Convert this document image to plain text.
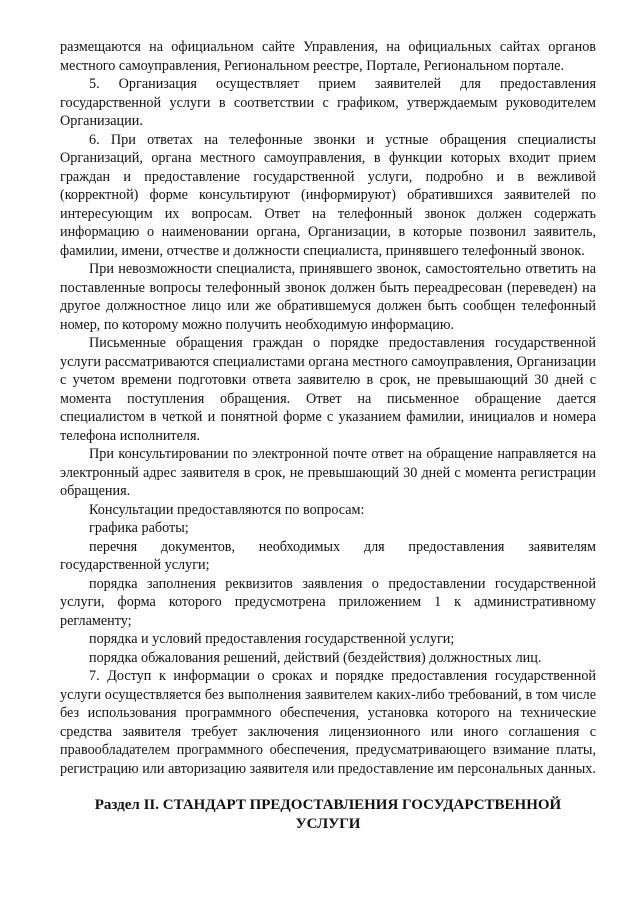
размещаются на официальном сайте Управления, на официальных сайтах органов местного самоуправления, Региональном реестре, Портале, Региональном портале.

5. Организация осуществляет прием заявителей для предоставления государственной услуги в соответствии с графиком, утверждаемым руководителем Организации.

6. При ответах на телефонные звонки и устные обращения специалисты Организаций, органа местного самоуправления, в функции которых входит прием граждан и предоставление государственной услуги, подробно и в вежливой (корректной) форме консультируют (информируют) обратившихся заявителей по интересующим их вопросам. Ответ на телефонный звонок должен содержать информацию о наименовании органа, Организации, в которые позвонил заявитель, фамилии, имени, отчестве и должности специалиста, принявшего телефонный звонок.

При невозможности специалиста, принявшего звонок, самостоятельно ответить на поставленные вопросы телефонный звонок должен быть переадресован (переведен) на другое должностное лицо или же обратившемуся должен быть сообщен телефонный номер, по которому можно получить необходимую информацию.

Письменные обращения граждан о порядке предоставления государственной услуги рассматриваются специалистами органа местного самоуправления, Организации с учетом времени подготовки ответа заявителю в срок, не превышающий 30 дней с момента поступления обращения. Ответ на письменное обращение дается специалистом в четкой и понятной форме с указанием фамилии, инициалов и номера телефона исполнителя.

При консультировании по электронной почте ответ на обращение направляется на электронный адрес заявителя в срок, не превышающий 30 дней с момента регистрации обращения.

Консультации предоставляются по вопросам:

графика работы;

перечня документов, необходимых для предоставления заявителям государственной услуги;

порядка заполнения реквизитов заявления о предоставлении государственной услуги, форма которого предусмотрена приложением 1 к административному регламенту;

порядка и условий предоставления государственной услуги;

порядка обжалования решений, действий (бездействия) должностных лиц.

7. Доступ к информации о сроках и порядке предоставления государственной услуги осуществляется без выполнения заявителем каких-либо требований, в том числе без использования программного обеспечения, установка которого на технические средства заявителя требует заключения лицензионного или иного соглашения с правообладателем программного обеспечения, предусматривающего взимание платы, регистрацию или авторизацию заявителя или предоставление им персональных данных.

Раздел II. СТАНДАРТ ПРЕДОСТАВЛЕНИЯ ГОСУДАРСТВЕННОЙ
УСЛУГИ
